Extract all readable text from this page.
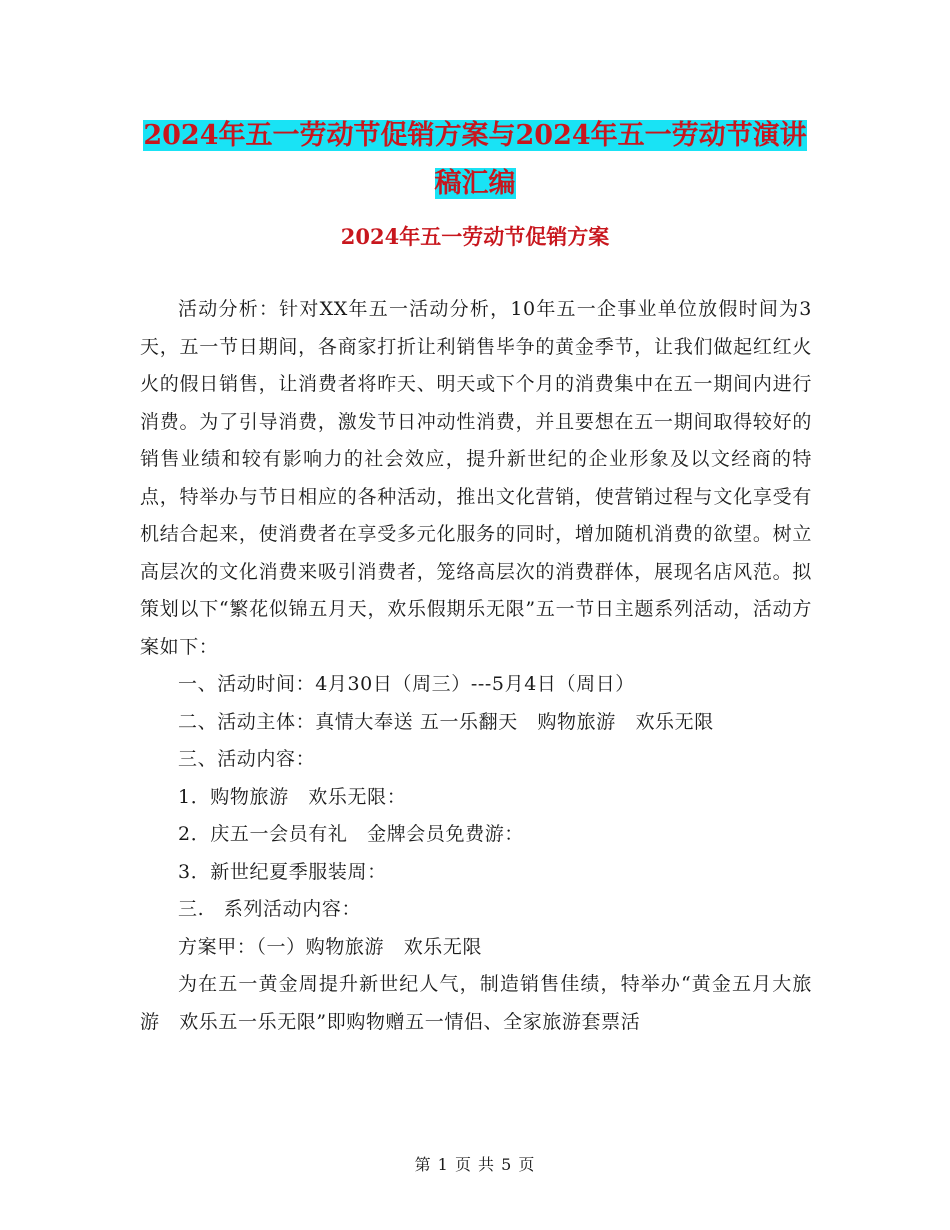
2024年五一劳动节促销方案与2024年五一劳动节演讲
稿汇编
2024年五一劳动节促销方案

活动分析：针对XX年五一活动分析，10年五一企事业单位放假时间为3天，五一节日期间，各商家打折让利销售毕争的黄金季节，让我们做起红红火火的假日销售，让消费者将昨天、明天或下个月的消费集中在五一期间内进行消费。为了引导消费，激发节日冲动性消费，并且要想在五一期间取得较好的销售业绩和较有影响力的社会效应，提升新世纪的企业形象及以文经商的特点，特举办与节日相应的各种活动，推出文化营销，使营销过程与文化享受有机结合起来，使消费者在享受多元化服务的同时，增加随机消费的欲望。树立高层次的文化消费来吸引消费者，笼络高层次的消费群体，展现名店风范。拟策划以下“繁花似锦五月天，欢乐假期乐无限”五一节日主题系列活动，活动方案如下：

一、活动时间：4月30日（周三）---5月4日（周日）

二、活动主体：真情大奉送 五一乐翻天　购物旅游　欢乐无限

三、活动内容：

1．购物旅游　欢乐无限：

2．庆五一会员有礼　金牌会员免费游：

3．新世纪夏季服装周：

三.　系列活动内容：

方案甲：（一）购物旅游　欢乐无限

为在五一黄金周提升新世纪人气，制造销售佳绩，特举办“黄金五月大旅游　欢乐五一乐无限”即购物赠五一情侣、全家旅游套票活

第 1 页 共 5 页
